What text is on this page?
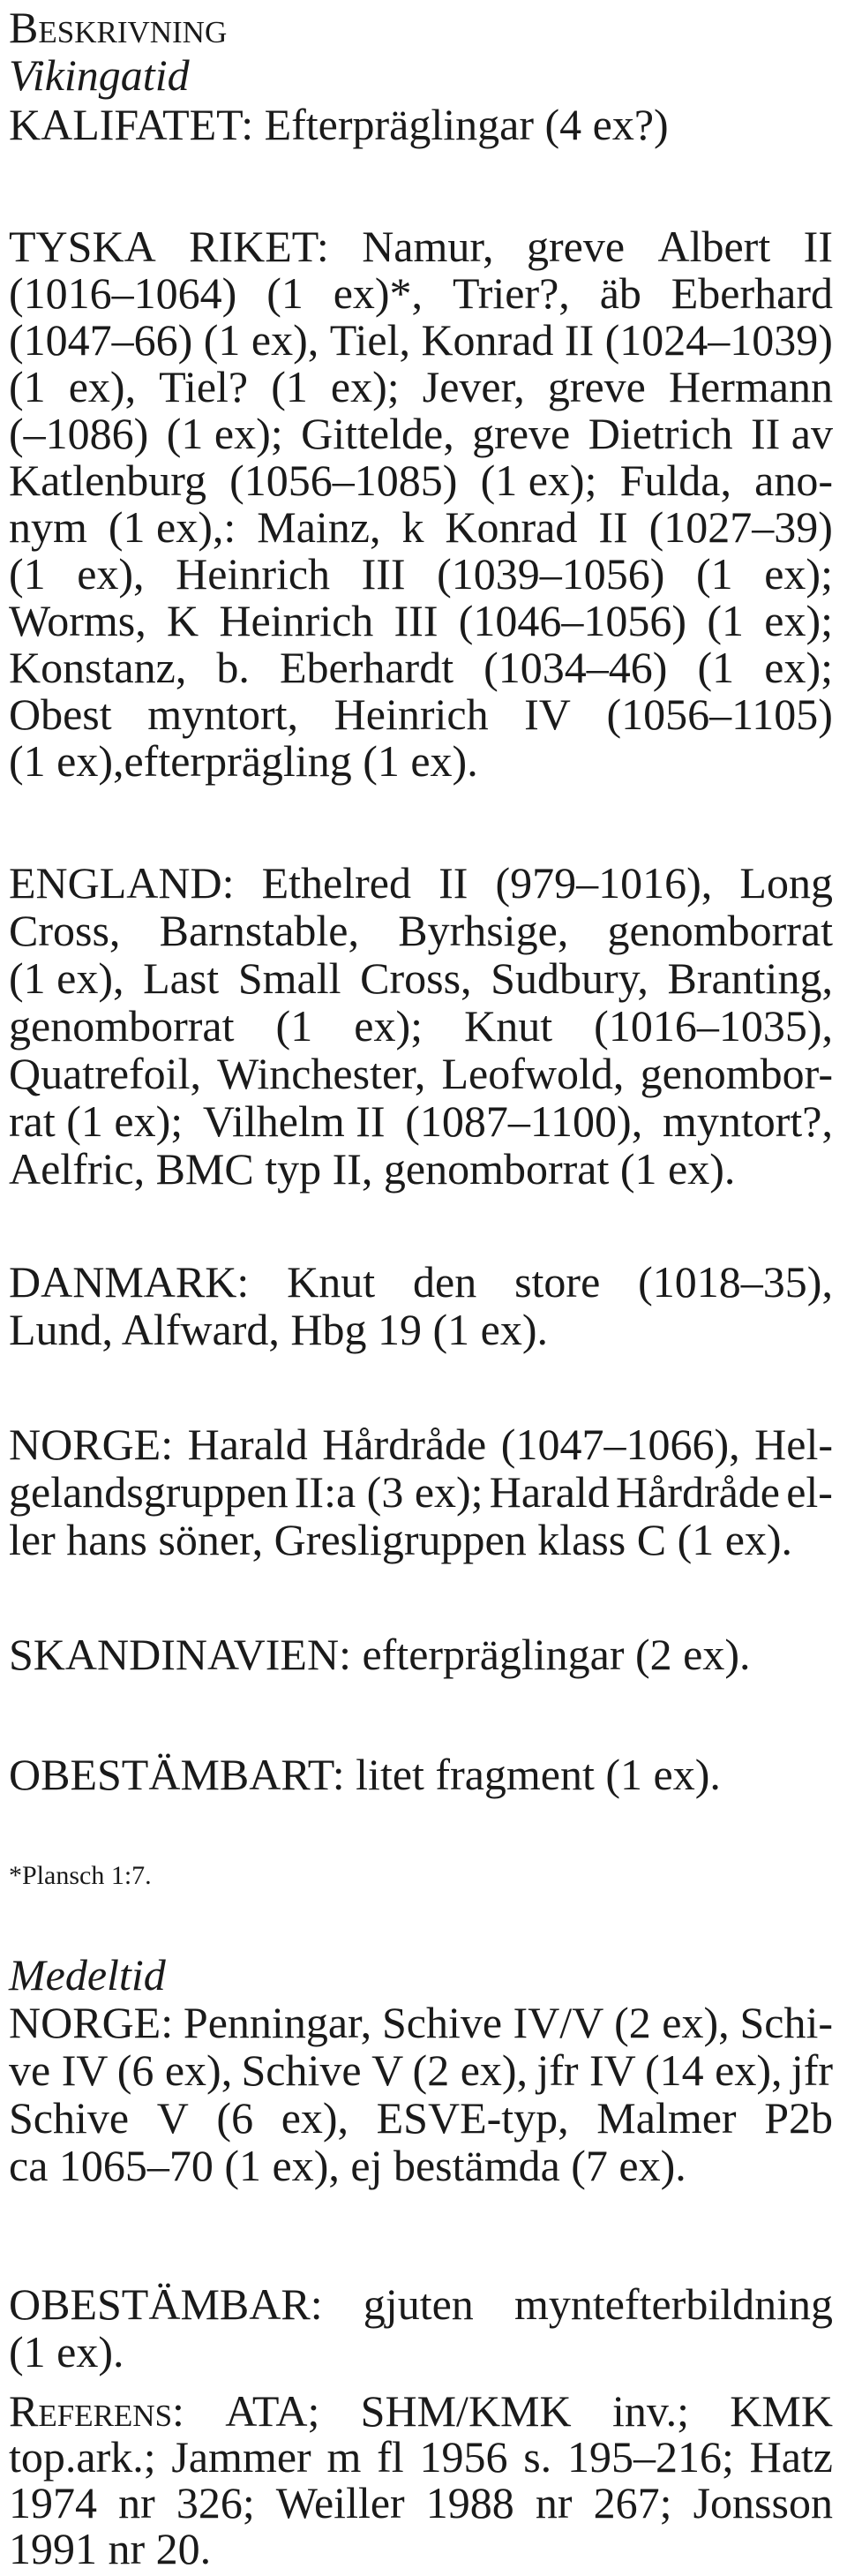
Beskrivning
Vikingatid
KALIFATET: Efterpräglingar (4 ex?)
TYSKA RIKET: Namur, greve Albert II
(1016–1064) (1 ex)*, Trier?, äb Eberhard
(1047–66) (1 ex), Tiel, Konrad II (1024–1039)
(1 ex), Tiel? (1 ex); Jever, greve Hermann
(–1086) (1 ex); Gittelde, greve Dietrich II av
Katlenburg (1056–1085) (1 ex); Fulda, ano-
nym (1 ex),: Mainz, k Konrad II (1027–39)
(1 ex), Heinrich III (1039–1056) (1 ex);
Worms, K Heinrich III (1046–1056) (1 ex);
Konstanz, b. Eberhardt (1034–46) (1 ex);
Obest myntort, Heinrich IV (1056–1105)
(1 ex),efterprägling (1 ex).
ENGLAND: Ethelred II (979–1016), Long
Cross, Barnstable, Byrhsige, genomborrat
(1 ex), Last Small Cross, Sudbury, Branting,
genomborrat (1 ex); Knut (1016–1035),
Quatrefoil, Winchester, Leofwold, genombor-
rat (1 ex); Vilhelm II (1087–1100), myntort?,
Aelfric, BMC typ II, genomborrat (1 ex).
DANMARK: Knut den store (1018–35),
Lund, Alfward, Hbg 19 (1 ex).
NORGE: Harald Hårdråde (1047–1066), Hel-
gelandsgruppen II:a (3 ex); Harald Hårdråde el-
ler hans söner, Gresligruppen klass C (1 ex).
SKANDINAVIEN: efterpräglingar (2 ex).
OBESTÄMBART: litet fragment (1 ex).
*Plansch 1:7.
Medeltid
NORGE: Penningar, Schive IV/V (2 ex), Schi-
ve IV (6 ex), Schive V (2 ex), jfr IV (14 ex), jfr
Schive V (6 ex), ESVE-typ, Malmer P2b
ca 1065–70 (1 ex), ej bestämda (7 ex).
OBESTÄMBAR: gjuten myntefterbildning
(1 ex).
Referens: ATA; SHM/KMK inv.; KMK
top.ark.; Jammer m fl 1956 s. 195–216; Hatz
1974 nr 326; Weiller 1988 nr 267; Jonsson
1991 nr 20.
